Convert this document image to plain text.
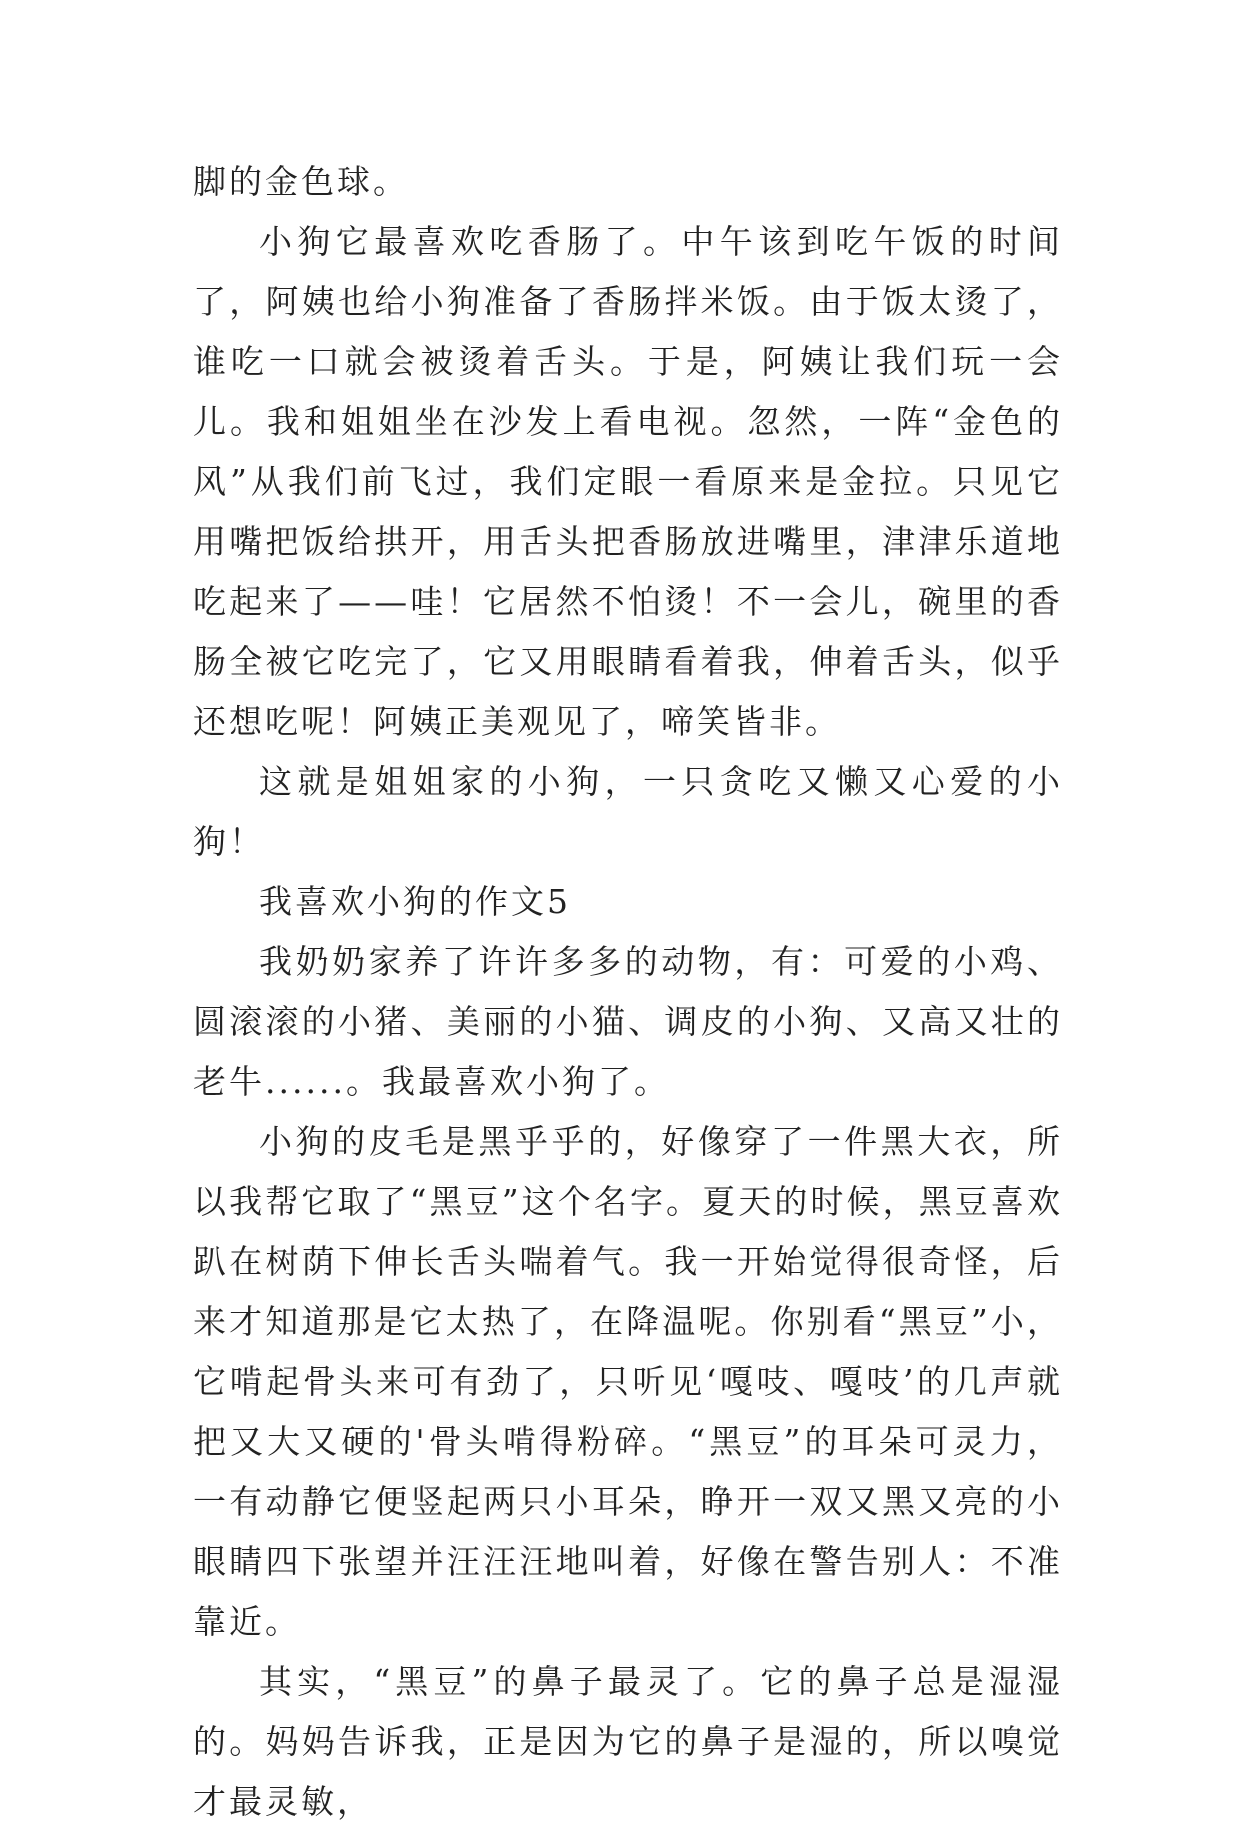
脚的金色球。

小狗它最喜欢吃香肠了。中午该到吃午饭的时间了，阿姨也给小狗准备了香肠拌米饭。由于饭太烫了，谁吃一口就会被烫着舌头。于是，阿姨让我们玩一会儿。我和姐姐坐在沙发上看电视。忽然，一阵“金色的风”从我们前飞过，我们定眼一看原来是金拉。只见它用嘴把饭给拱开，用舌头把香肠放进嘴里，津津乐道地吃起来了——哇！它居然不怕烫！不一会儿，碗里的香肠全被它吃完了，它又用眼睛看着我，伸着舌头，似乎还想吃呢！阿姨正美观见了，啼笑皆非。

这就是姐姐家的小狗，一只贪吃又懒又心爱的小狗！

我喜欢小狗的作文5

我奶奶家养了许许多多的动物，有：可爱的小鸡、圆滚滚的小猪、美丽的小猫、调皮的小狗、又高又壮的老牛......。我最喜欢小狗了。

小狗的皮毛是黑乎乎的，好像穿了一件黑大衣，所以我帮它取了“黑豆”这个名字。夏天的时候，黑豆喜欢趴在树荫下伸长舌头喘着气。我一开始觉得很奇怪，后来才知道那是它太热了，在降温呢。你别看“黑豆”小，它啃起骨头来可有劲了，只听见‘嘎吱、嘎吱’的几声就把又大又硬的'骨头啃得粉碎。“黑豆”的耳朵可灵力，一有动静它便竖起两只小耳朵，睁开一双又黑又亮的小眼睛四下张望并汪汪汪地叫着，好像在警告别人：不准靠近。

其实，“黑豆”的鼻子最灵了。它的鼻子总是湿湿的。妈妈告诉我，正是因为它的鼻子是湿的，所以嗅觉才最灵敏，
